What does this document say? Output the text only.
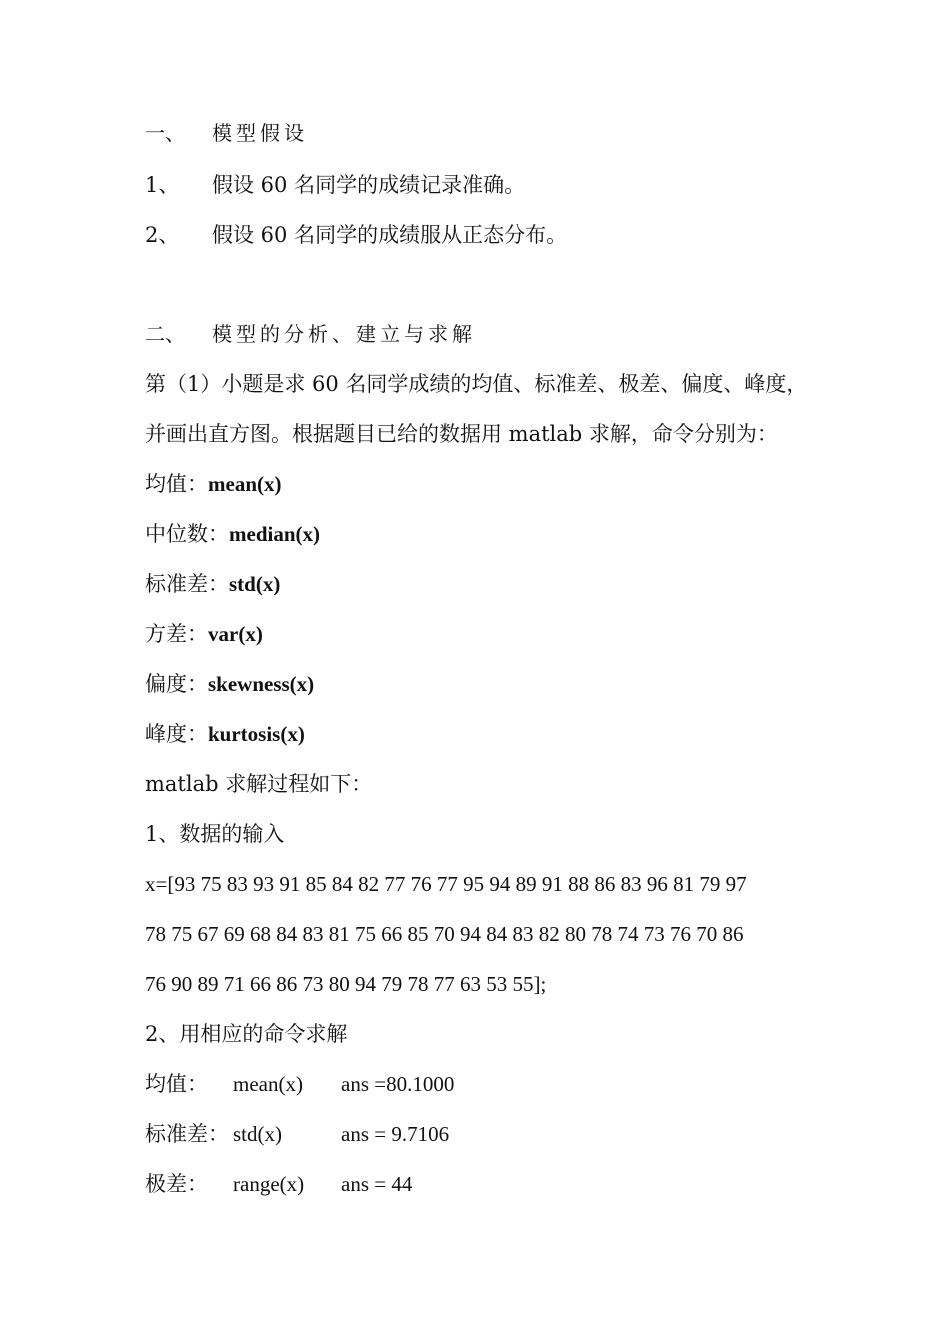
一、 模型假设
1、 假设 60 名同学的成绩记录准确。
2、 假设 60 名同学的成绩服从正态分布。
二、 模型的分析、建立与求解
第（1）小题是求 60 名同学成绩的均值、标准差、极差、偏度、峰度，
并画出直方图。根据题目已给的数据用 matlab 求解，命令分别为：
均值：mean(x)
中位数：median(x)
标准差：std(x)
方差：var(x)
偏度：skewness(x)
峰度：kurtosis(x)
matlab 求解过程如下：
1、数据的输入
x=[93 75 83 93 91 85 84 82 77 76 77 95 94 89 91 88 86 83 96 81 79 97
78 75 67 69 68 84 83 81 75 66 85 70 94 84 83 82 80 78 74 73 76 70 86
76 90 89 71 66 86 73 80 94 79 78 77 63 53 55];
2、用相应的命令求解
均值： mean(x) ans =80.1000
标准差： std(x)	ans = 9.7106
极差： range(x) ans = 44
